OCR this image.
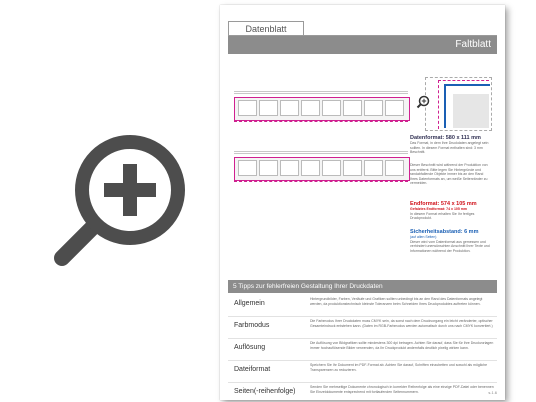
Datenblatt
Faltblatt
Datenformat: 580 x 111 mm
Das Format, in dem Ihre Druckdaten angelegt sein sollten. In diesem Format enthalten sind: 3 mm Beschnitt.
Dieser Beschnitt wird während der Produktion von uns entfernt. Bitte legen Sie Hintergründe und randabfallende Objekte immer bis an den Rand Ihres Datenformats an, um weiße Seitenränder zu vermeiden.
Endformat: 574 x 105 mm
Gefalztes Endformat: 74 x 105 mm
In diesem Format erhalten Sie Ihr fertiges Druckprodukt.
Sicherheitsabstand: 6 mm
(auf allen Seiten)
Dieser wird vom Datenformat aus gemessen und verhindert unerwünschten Anschnitt Ihrer Texte und Informationen während der Produktion.
5 Tipps zur fehlerfreien Gestaltung Ihrer Druckdaten
Allgemein
Hintergrundbilder, Farben, Verläufe und Grafiken sollten unbedingt bis an den Rand des Datenformats angelegt werden, da produktionstechnisch kleinste Toleranzen beim Schneiden Ihres Druckproduktes auftreten können.
Farbmodus
Die Farbmodus Ihrer Druckdaten muss CMYK sein, da sonst nach dem Druckvorgang ein leicht veränderter, optischer Gesamteindruck entstehen kann. (Daten im RGB-Farbmodus werden automatisch durch uns nach CMYK konvertiert.)
Auflösung
Die Auflösung von Bildgrafiken sollte mindestens 300 dpi betragen. Achten Sie darauf, dass Sie für Ihre Druckvorlagen immer hochauflösende Bilder verwenden, da Ihr Druckprodukt andernfalls deutlich pixelig wirken kann.
Dateiformat
Speichern Sie Ihr Dokument im PDF-Format ab. Achten Sie darauf, Schriften einzubetten und sowohl als mögliche Transparenzen zu reduzieren.
Seiten(-reihenfolge)
Senden Sie mehrseitige Dokumente chronologisch in korrekter Reihenfolge als eine einzige PDF-Datei oder benennen Sie Einzeldokumente entsprechend mit fortlaufenden Seitennummern.	s.1.6
